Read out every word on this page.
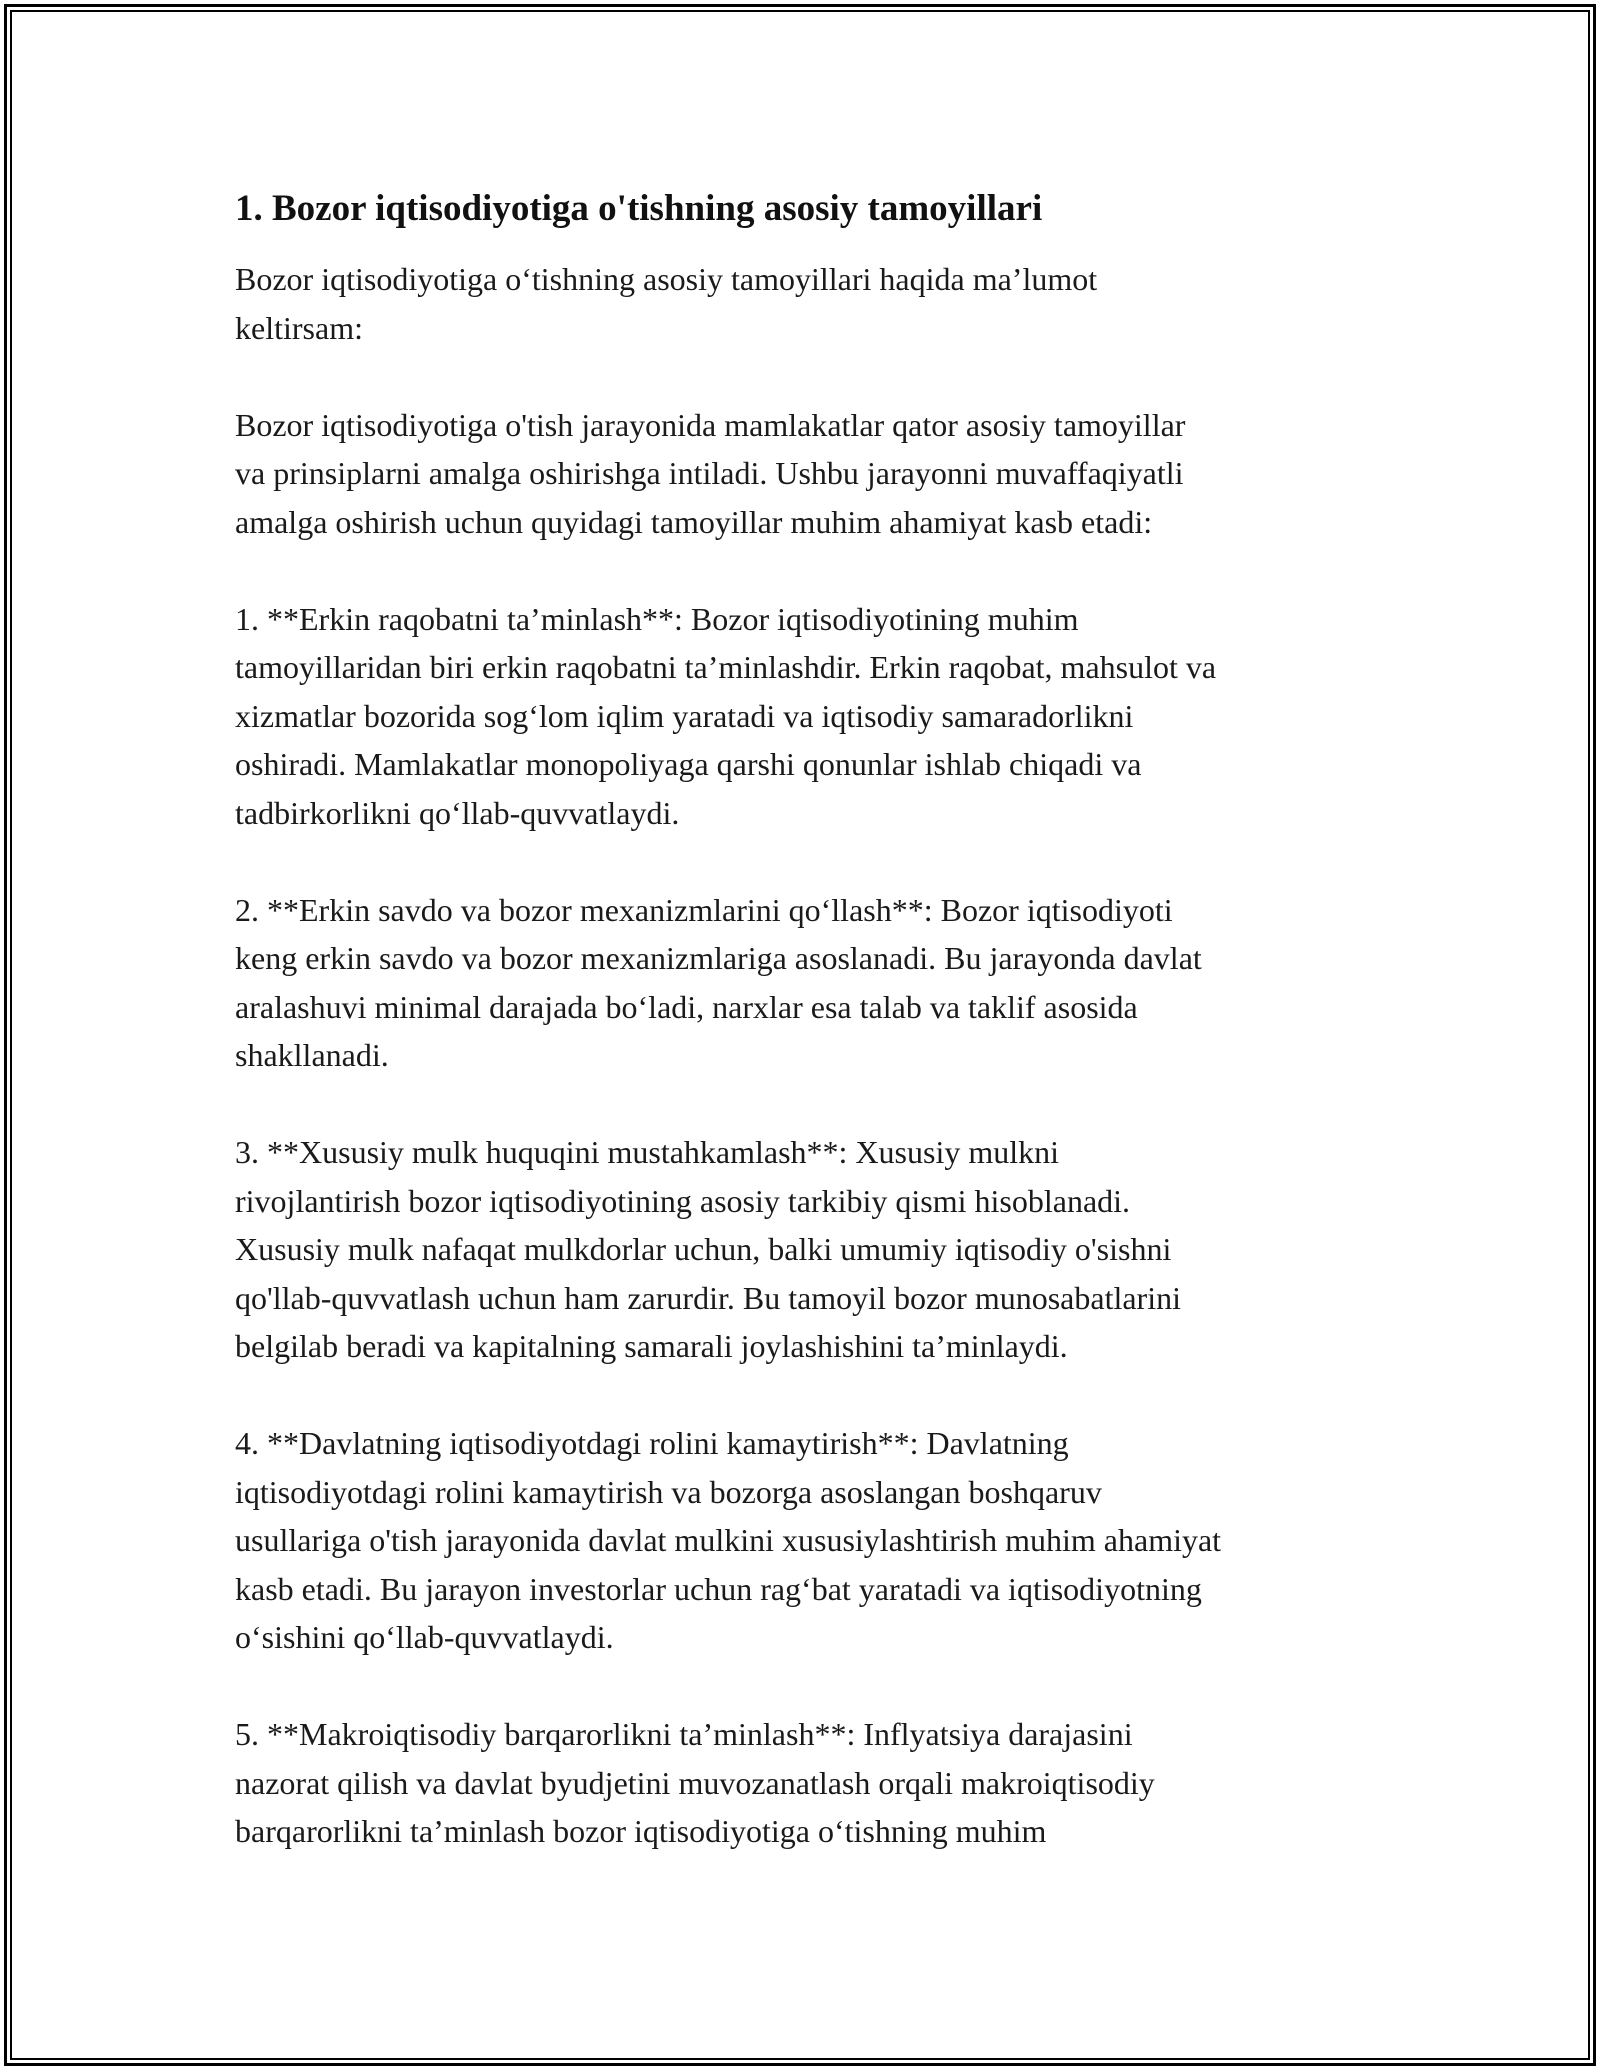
1. Bozor iqtisodiyotiga o'tishning asosiy tamoyillari

Bozor iqtisodiyotiga o‘tishning asosiy tamoyillari haqida ma’lumot
keltirsam:

Bozor iqtisodiyotiga o'tish jarayonida mamlakatlar qator asosiy tamoyillar
va prinsiplarni amalga oshirishga intiladi. Ushbu jarayonni muvaffaqiyatli
amalga oshirish uchun quyidagi tamoyillar muhim ahamiyat kasb etadi:

1. **Erkin raqobatni ta’minlash**: Bozor iqtisodiyotining muhim
tamoyillaridan biri erkin raqobatni ta’minlashdir. Erkin raqobat, mahsulot va
xizmatlar bozorida sog‘lom iqlim yaratadi va iqtisodiy samaradorlikni
oshiradi. Mamlakatlar monopoliyaga qarshi qonunlar ishlab chiqadi va
tadbirkorlikni qo‘llab-quvvatlaydi.

2. **Erkin savdo va bozor mexanizmlarini qo‘llash**: Bozor iqtisodiyoti
keng erkin savdo va bozor mexanizmlariga asoslanadi. Bu jarayonda davlat
aralashuvi minimal darajada bo‘ladi, narxlar esa talab va taklif asosida
shakllanadi.

3. **Xususiy mulk huquqini mustahkamlash**: Xususiy mulkni
rivojlantirish bozor iqtisodiyotining asosiy tarkibiy qismi hisoblanadi.
Xususiy mulk nafaqat mulkdorlar uchun, balki umumiy iqtisodiy o'sishni
qo'llab-quvvatlash uchun ham zarurdir. Bu tamoyil bozor munosabatlarini
belgilab beradi va kapitalning samarali joylashishini ta’minlaydi.

4. **Davlatning iqtisodiyotdagi rolini kamaytirish**: Davlatning
iqtisodiyotdagi rolini kamaytirish va bozorga asoslangan boshqaruv
usullariga o'tish jarayonida davlat mulkini xususiylashtirish muhim ahamiyat
kasb etadi. Bu jarayon investorlar uchun rag‘bat yaratadi va iqtisodiyotning
o‘sishini qo‘llab-quvvatlaydi.

5. **Makroiqtisodiy barqarorlikni ta’minlash**: Inflyatsiya darajasini
nazorat qilish va davlat byudjetini muvozanatlash orqali makroiqtisodiy
barqarorlikni ta’minlash bozor iqtisodiyotiga o‘tishning muhim
